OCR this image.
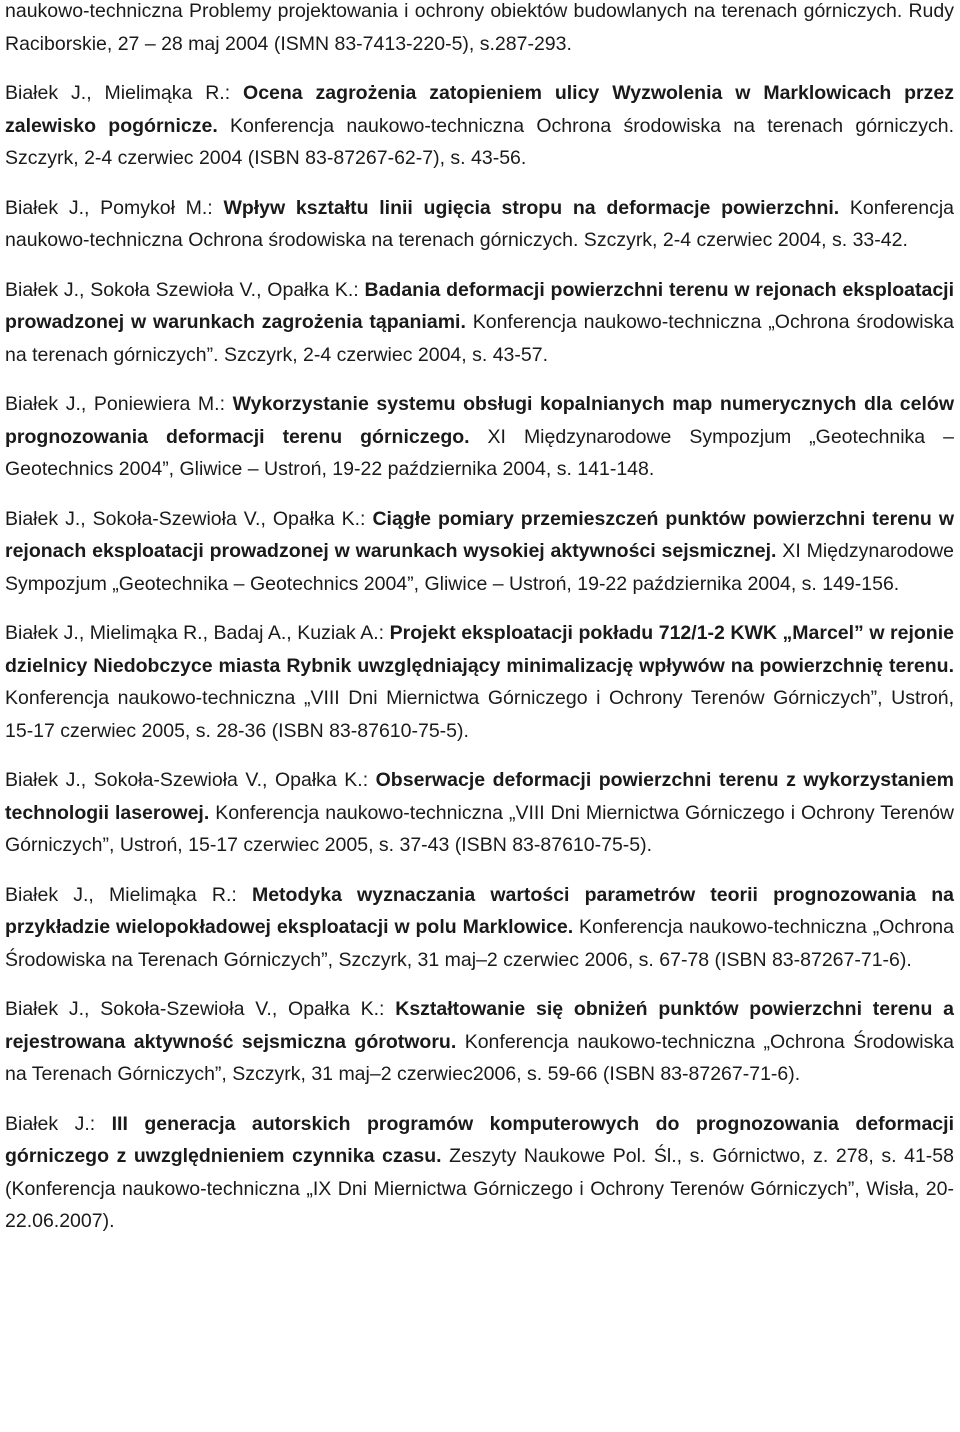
naukowo-techniczna Problemy projektowania i ochrony obiektów budowlanych na terenach górniczych. Rudy Raciborskie, 27 – 28 maj 2004 (ISMN 83-7413-220-5), s.287-293.

Białek J., Mielimąka R.: Ocena zagrożenia zatopieniem ulicy Wyzwolenia w Marklowicach przez zalewisko pogórnicze. Konferencja naukowo-techniczna Ochrona środowiska na terenach górniczych. Szczyrk, 2-4 czerwiec 2004 (ISBN 83-87267-62-7), s. 43-56.

Białek J., Pomykoł M.: Wpływ kształtu linii ugięcia stropu na deformacje powierzchni. Konferencja naukowo-techniczna Ochrona środowiska na terenach górniczych. Szczyrk, 2-4 czerwiec 2004, s. 33-42.

Białek J., Sokoła Szewioła V., Opałka K.: Badania deformacji powierzchni terenu w rejonach eksploatacji prowadzonej w warunkach zagrożenia tąpaniami. Konferencja naukowo-techniczna „Ochrona środowiska na terenach górniczych”. Szczyrk, 2-4 czerwiec 2004, s. 43-57.

Białek J., Poniewiera M.: Wykorzystanie systemu obsługi kopalnianych map numerycznych dla celów prognozowania deformacji terenu górniczego. XI Międzynarodowe Sympozjum „Geotechnika – Geotechnics 2004”, Gliwice – Ustroń, 19-22 października 2004, s. 141-148.

Białek J., Sokoła-Szewioła V., Opałka K.: Ciągłe pomiary przemieszczeń punktów powierzchni terenu w rejonach eksploatacji prowadzonej w warunkach wysokiej aktywności sejsmicznej. XI Międzynarodowe Sympozjum „Geotechnika – Geotechnics 2004”, Gliwice – Ustroń, 19-22 października 2004, s. 149-156.

Białek J., Mielimąka R., Badaj A., Kuziak A.: Projekt eksploatacji pokładu 712/1-2 KWK „Marcel” w rejonie dzielnicy Niedobczyce miasta Rybnik uwzględniający minimalizację wpływów na powierzchnię terenu. Konferencja naukowo-techniczna „VIII Dni Miernictwa Górniczego i Ochrony Terenów Górniczych”, Ustroń, 15-17 czerwiec 2005, s. 28-36 (ISBN 83-87610-75-5).

Białek J., Sokoła-Szewioła V., Opałka K.: Obserwacje deformacji powierzchni terenu z wykorzystaniem technologii laserowej. Konferencja naukowo-techniczna „VIII Dni Miernictwa Górniczego i Ochrony Terenów Górniczych”, Ustroń, 15-17 czerwiec 2005, s. 37-43 (ISBN 83-87610-75-5).

Białek J., Mielimąka R.: Metodyka wyznaczania wartości parametrów teorii prognozowania na przykładzie wielopokładowej eksploatacji w polu Marklowice. Konferencja naukowo-techniczna „Ochrona Środowiska na Terenach Górniczych”, Szczyrk, 31 maj–2 czerwiec 2006, s. 67-78 (ISBN 83-87267-71-6).

Białek J., Sokoła-Szewioła V., Opałka K.: Kształtowanie się obniżeń punktów powierzchni terenu a rejestrowana aktywność sejsmiczna górotworu. Konferencja naukowo-techniczna „Ochrona Środowiska na Terenach Górniczych”, Szczyrk, 31 maj–2 czerwiec2006, s. 59-66 (ISBN 83-87267-71-6).

Białek J.: III generacja autorskich programów komputerowych do prognozowania deformacji górniczego z uwzględnieniem czynnika czasu. Zeszyty Naukowe Pol. Śl., s. Górnictwo, z. 278, s. 41-58 (Konferencja naukowo-techniczna „IX Dni Miernictwa Górniczego i Ochrony Terenów Górniczych”, Wisła, 20-22.06.2007).
